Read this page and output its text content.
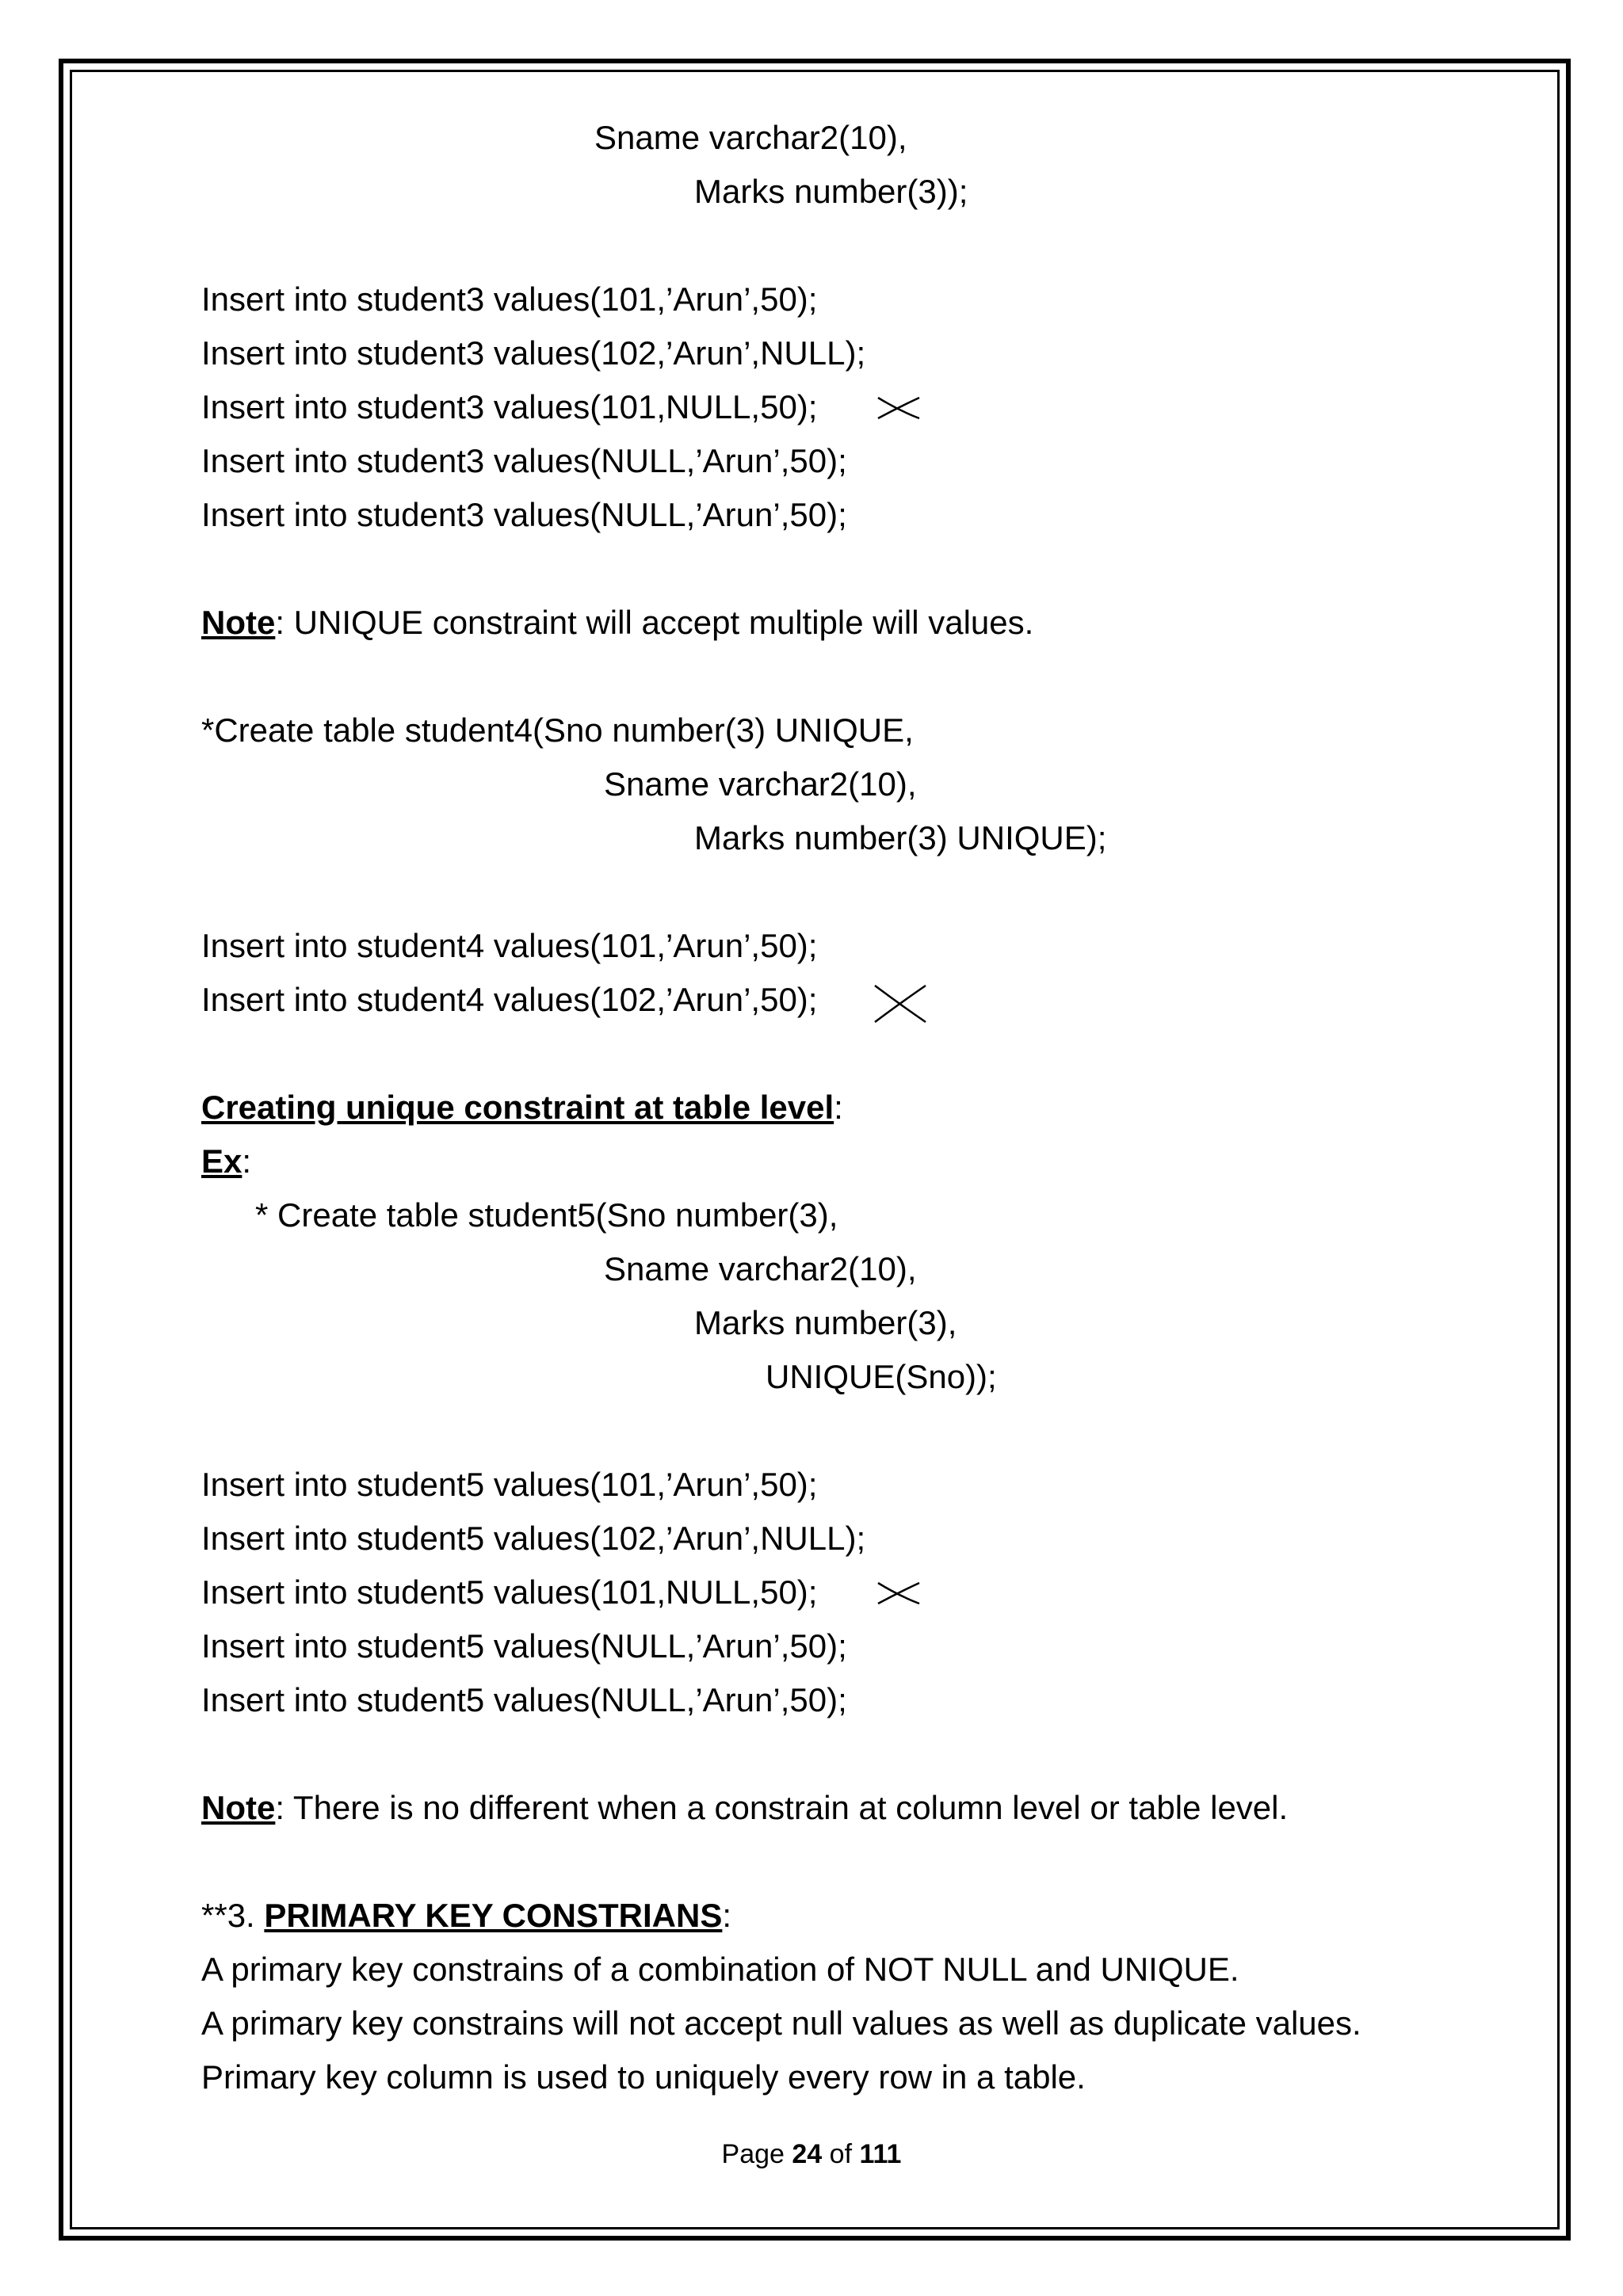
Sname varchar2(10),
Marks number(3));
Insert into student3 values(101,’Arun’,50);
Insert into student3 values(102,’Arun’,NULL);
Insert into student3 values(101,NULL,50);
Insert into student3 values(NULL,’Arun’,50);
Insert into student3 values(NULL,’Arun’,50);
Note: UNIQUE constraint will accept multiple will values.
*Create table student4(Sno number(3) UNIQUE,
Sname varchar2(10),
Marks number(3) UNIQUE);
Insert into student4 values(101,’Arun’,50);
Insert into student4 values(102,’Arun’,50);
Creating unique constraint at table level:
Ex:
* Create table student5(Sno number(3),
Sname varchar2(10),
Marks number(3),
UNIQUE(Sno));
Insert into student5 values(101,’Arun’,50);
Insert into student5 values(102,’Arun’,NULL);
Insert into student5 values(101,NULL,50);
Insert into student5 values(NULL,’Arun’,50);
Insert into student5 values(NULL,’Arun’,50);
Note: There is no different when a constrain at column level or table level.
**3. PRIMARY KEY CONSTRIANS:
A primary key constrains of a combination of NOT NULL and UNIQUE.
A primary key constrains will not accept null values as well as duplicate values.
Primary key column is used to uniquely every row in a table.
Page 24 of 111
